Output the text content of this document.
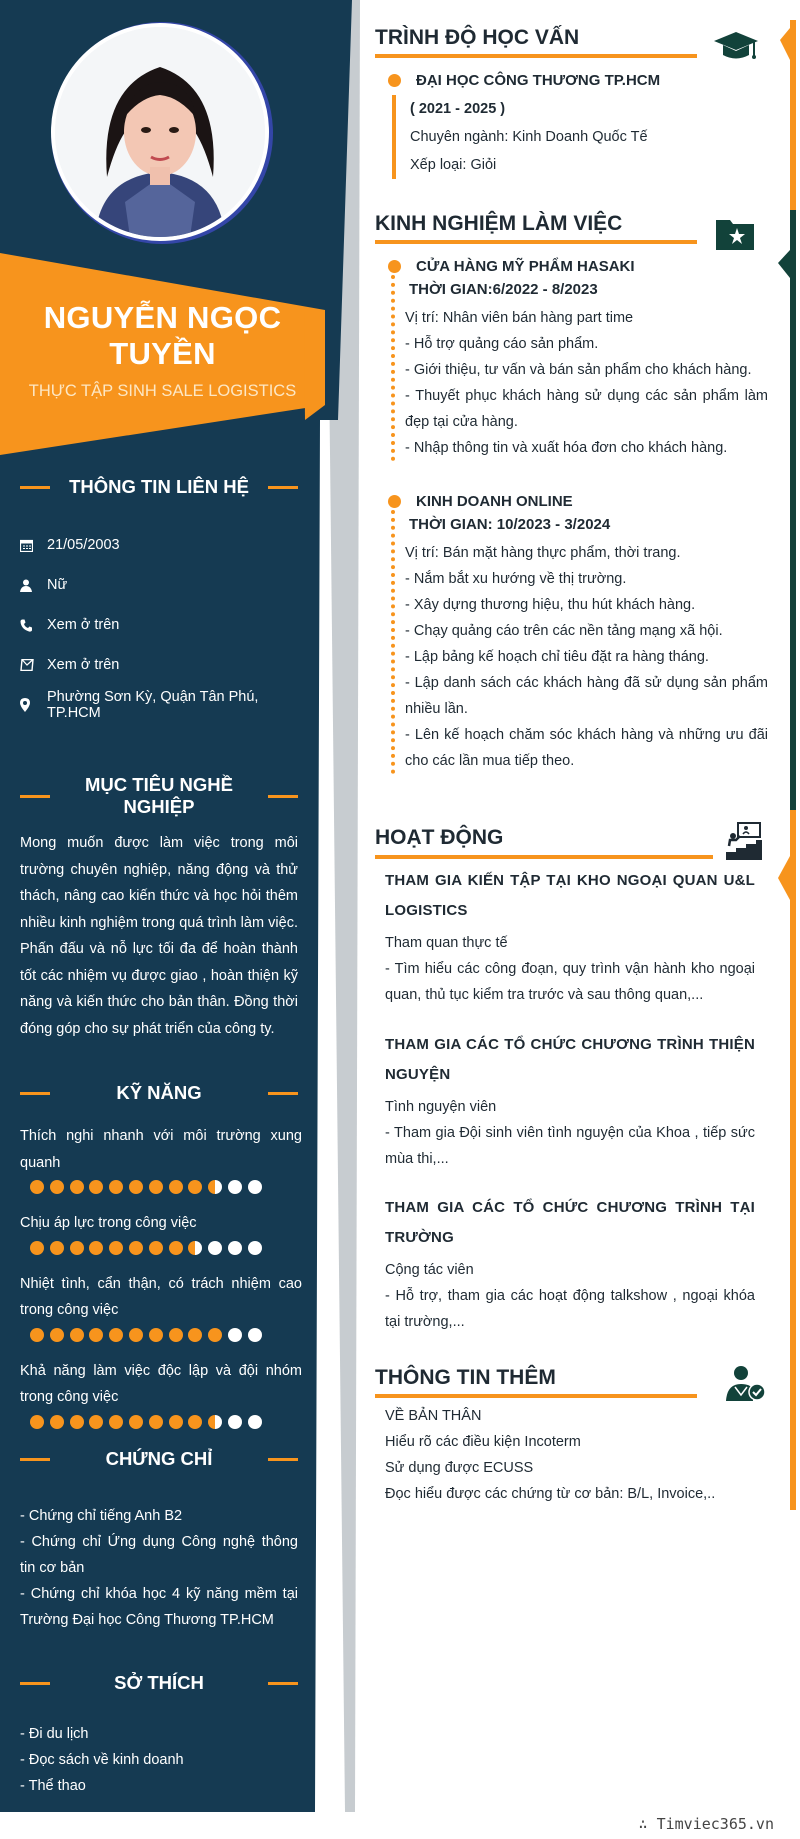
NGUYỄN NGỌC TUYỀN
THỰC TẬP SINH SALE LOGISTICS
THÔNG TIN LIÊN HỆ
21/05/2003
Nữ
Xem ở trên
Xem ở trên
Phường Sơn Kỳ, Quận Tân Phú, TP.HCM
MỤC TIÊU NGHỀ NGHIỆP
Mong muốn được làm việc trong môi trường chuyên nghiệp, năng động và thử thách, nâng cao kiến thức và học hỏi thêm nhiều kinh nghiệm trong quá trình làm việc. Phấn đấu và nỗ lực tối đa để hoàn thành tốt các nhiệm vụ được giao , hoàn thiện kỹ năng và kiến thức cho bản thân. Đồng thời đóng góp cho sự phát triển của công ty.
KỸ NĂNG
Thích nghi nhanh với môi trường xung quanh
Chịu áp lực trong công việc
Nhiệt tình, cẩn thận, có trách nhiệm cao trong công việc
Khả năng làm việc độc lập và đội nhóm trong công việc
CHỨNG CHỈ
- Chứng chỉ tiếng Anh B2
- Chứng chỉ Ứng dụng Công nghệ thông tin cơ bản
- Chứng chỉ khóa học 4 kỹ năng mềm tại Trường Đại học Công Thương TP.HCM
SỞ THÍCH
- Đi du lịch
- Đọc sách về kinh doanh
- Thể thao
TRÌNH ĐỘ HỌC VẤN
ĐẠI HỌC CÔNG THƯƠNG TP.HCM
( 2021 - 2025 )
Chuyên ngành: Kinh Doanh Quốc Tế
Xếp loại: Giỏi
KINH NGHIỆM LÀM VIỆC
CỬA HÀNG MỸ PHẨM HASAKI
THỜI GIAN:6/2022 - 8/2023
Vị trí: Nhân viên bán hàng part time
- Hỗ trợ quảng cáo sản phẩm.
- Giới thiệu, tư vấn và bán sản phẩm cho khách hàng.
- Thuyết phục khách hàng sử dụng các sản phẩm làm đẹp tại cửa hàng.
- Nhập thông tin và xuất hóa đơn cho khách hàng.
KINH DOANH ONLINE
THỜI GIAN: 10/2023 - 3/2024
Vị trí: Bán mặt hàng thực phẩm, thời trang.
- Nắm bắt xu hướng về thị trường.
- Xây dựng thương hiệu, thu hút khách hàng.
- Chạy quảng cáo trên các nền tảng mạng xã hội.
- Lập bảng kế hoạch chỉ tiêu đặt ra hàng tháng.
- Lập danh sách các khách hàng đã sử dụng sản phẩm nhiều lần.
- Lên kế hoạch chăm sóc khách hàng và những ưu đãi cho các lần mua tiếp theo.
HOẠT ĐỘNG
THAM GIA KIẾN TẬP TẠI KHO NGOẠI QUAN U&L LOGISTICS
Tham quan thực tế
- Tìm hiểu các công đoạn, quy trình vận hành kho ngoại quan, thủ tục kiểm tra trước và sau thông quan,...
THAM GIA CÁC TỔ CHỨC CHƯƠNG TRÌNH THIỆN NGUYỆN
Tình nguyện viên
- Tham gia Đội sinh viên tình nguyện của Khoa , tiếp sức mùa thi,...
THAM GIA CÁC TỔ CHỨC CHƯƠNG TRÌNH TẠI TRƯỜNG
Cộng tác viên
- Hỗ trợ, tham gia các hoạt động talkshow , ngoại khóa tại trường,...
THÔNG TIN THÊM
VỀ BẢN THÂN
Hiểu rõ các điều kiện Incoterm
Sử dụng được ECUSS
Đọc hiểu được các chứng từ cơ bản: B/L, Invoice,..
∴ Timviec365.vn
